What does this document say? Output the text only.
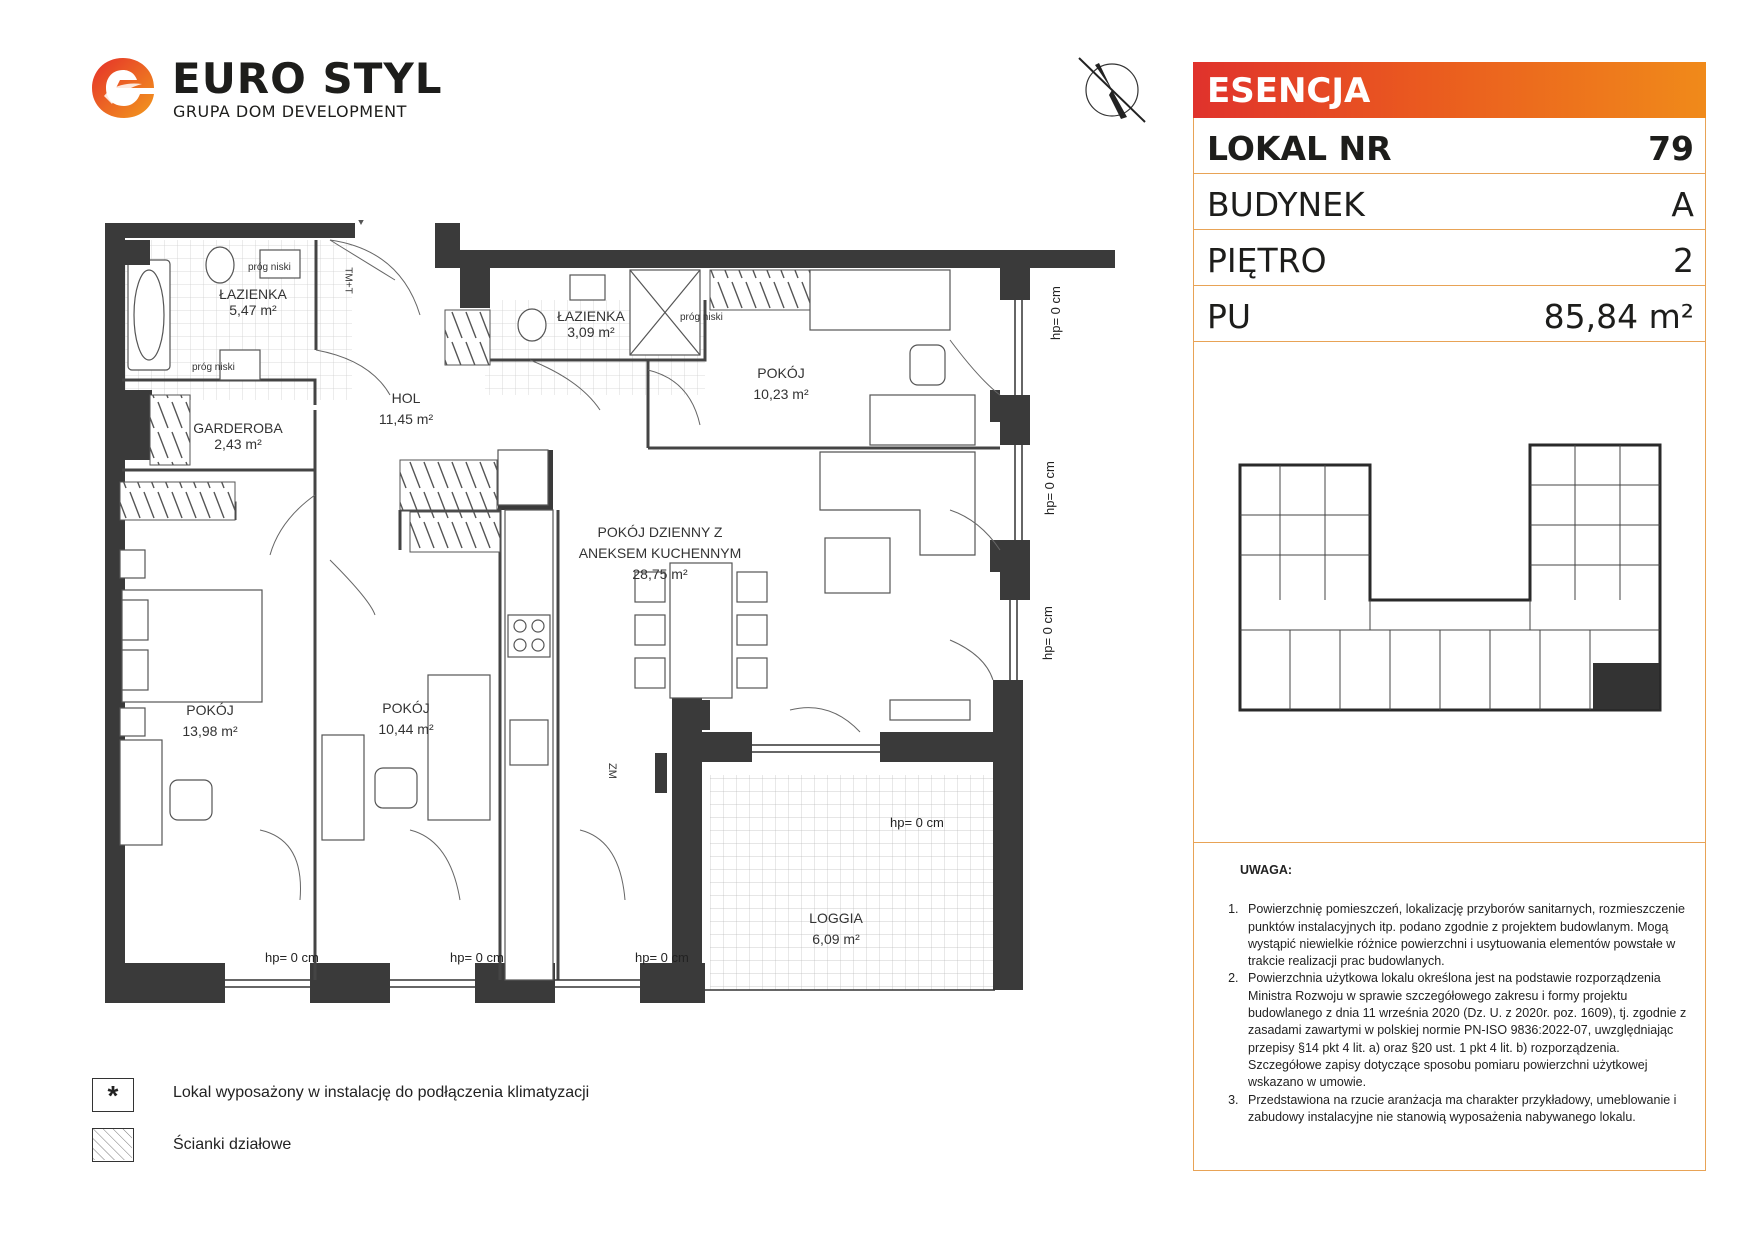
EURO STYL
GRUPA DOM DEVELOPMENT
ŁAZIENKA
5,47 m²	ŁAZIENKA
3,09 m²
HOL
11,45 m²
GARDEROBA
2,43 m²
POKÓJ
10,23 m²
POKÓJ DZIENNY Z
ANEKSEM KUCHENNYM
28,75 m²
POKÓJ
13,98 m²
POKÓJ
10,44 m²
LOGGIA
6,09 m²
próg niski
próg niski
próg niski
TM+T
ZM
hp= 0 cm	hp= 0 cm	hp= 0 cm
hp= 0 cm
hp= 0 cm
hp= 0 cm
hp= 0 cm
*	Lokal wyposażony w instalację do podłączenia klimatyzacji
Ścianki działowe
ESENCJA
LOKAL NR	79
BUDYNEK	A
PIĘTRO	2
PU	85,84 m²
UWAGA:
1. Powierzchnię pomieszczeń, lokalizację przyborów sanitarnych, rozmieszczenie punktów instalacyjnych itp. podano zgodnie z projektem budowlanym. Mogą wystąpić niewielkie różnice powierzchni i usytuowania elementów powstałe w trakcie realizacji prac budowlanych.
2. Powierzchnia użytkowa lokalu określona jest na podstawie rozporządzenia Ministra Rozwoju w sprawie szczegółowego zakresu i formy projektu budowlanego z dnia 11 września 2020 (Dz. U. z 2020r. poz. 1609), tj. zgodnie z zasadami zawartymi w polskiej normie PN-ISO 9836:2022-07, uwzględniając przepisy §14 pkt 4 lit. a) oraz §20 ust. 1 pkt 4 lit. b) rozporządzenia. Szczegółowe zapisy dotyczące sposobu pomiaru powierzchni użytkowej wskazano w umowie.
3. Przedstawiona na rzucie aranżacja ma charakter przykładowy, umeblowanie i zabudowy instalacyjne nie stanowią wyposażenia nabywanego lokalu.
